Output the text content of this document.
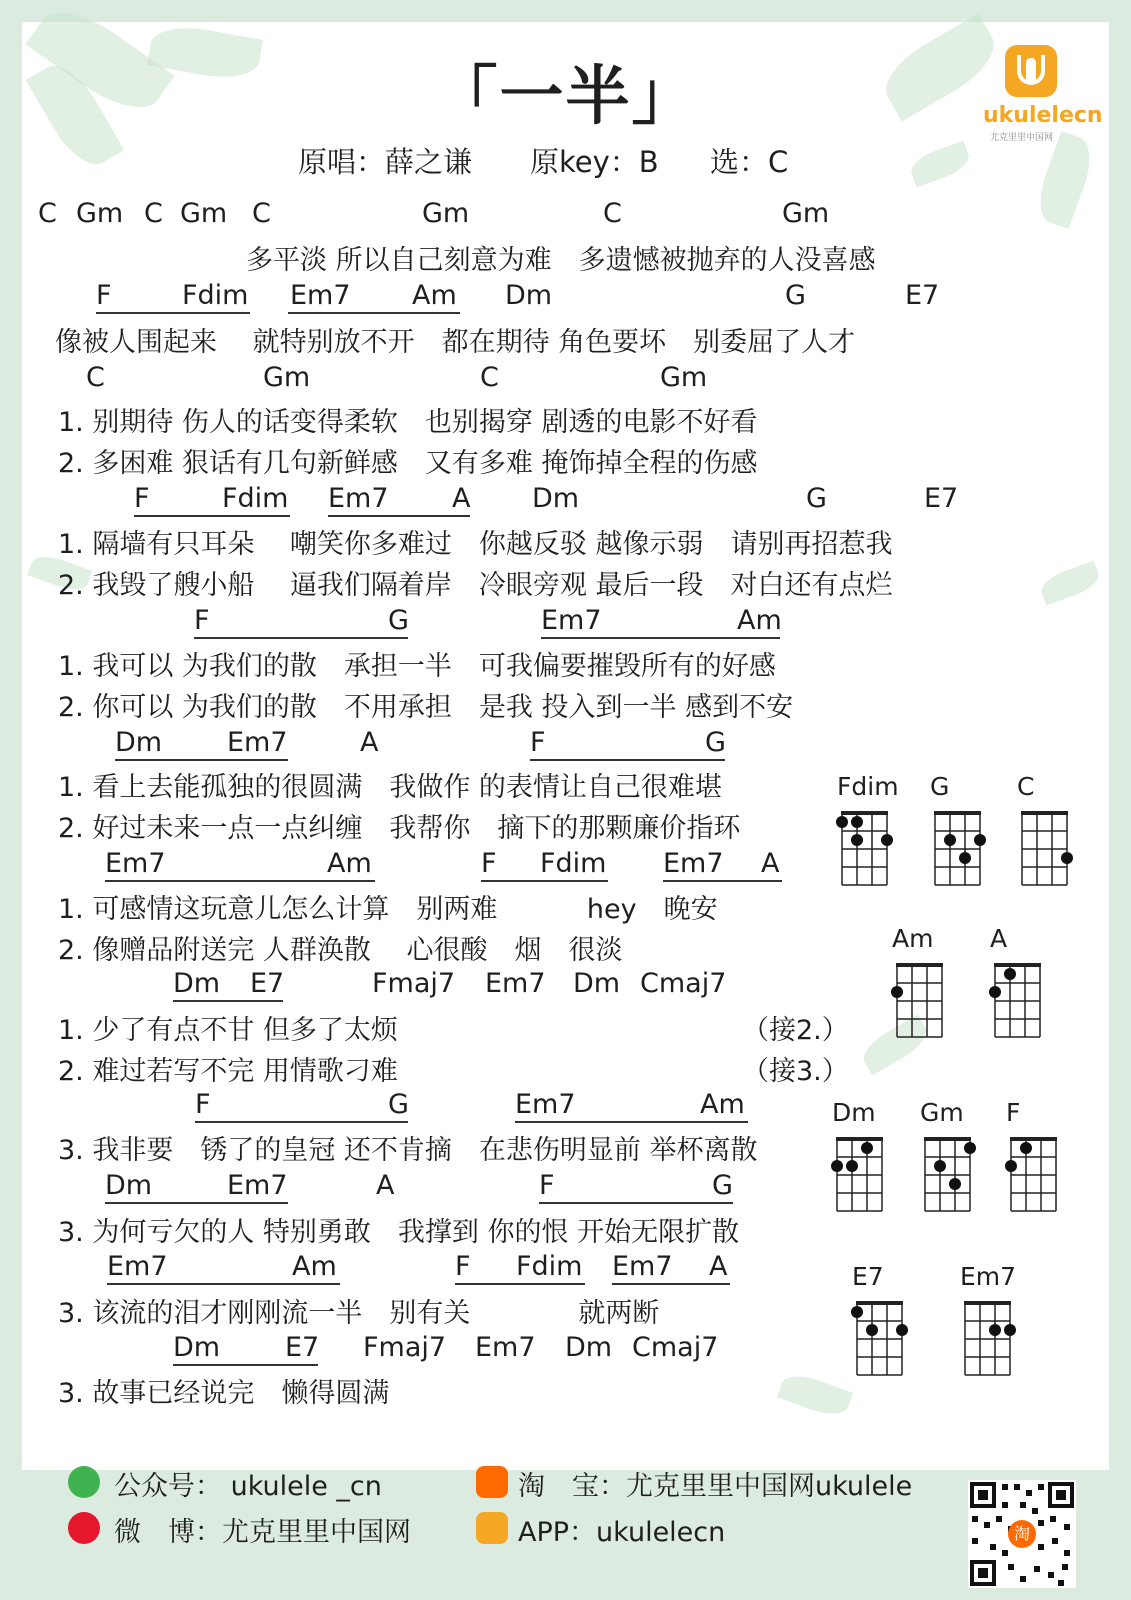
「一半」	ukulelecn
尤克里里中国网
原唱：薛之谦 原key：B 选：C
C Gm C Gm C	Gm	C	Gm
F	Fdim Em7 Am Dm	G	E7
C	Gm	C	Gm
F	Fdim Em7 A Dm	G	E7
F	G	Em7	Am
Dm Em7	A	F	G
Em7	Am	F Fdim Em7 A
Dm E7	Fmaj7 Em7 Dm Cmaj7
F	G	Em7	Am
Dm	Em7	A	F	G
Em7	Am	F Fdim Em7 A
Dm E7 Fmaj7 Em7 Dm Cmaj7
多平淡 所以自己刻意为难　多遗憾被抛弃的人没喜感
像被人围起来　 就特别放不开　都在期待 角色要坏　别委屈了人才
1. 别期待 伤人的话变得柔软　也别揭穿 剧透的电影不好看
2. 多困难 狠话有几句新鲜感　又有多难 掩饰掉全程的伤感
1. 隔墙有只耳朵　 嘲笑你多难过　你越反驳 越像示弱　请别再招惹我
2. 我毁了艘小船　 逼我们隔着岸　冷眼旁观 最后一段　对白还有点烂
1. 我可以 为我们的散　承担一半　可我偏要摧毁所有的好感
2. 你可以 为我们的散　不用承担　是我 投入到一半 感到不安
1. 看上去能孤独的很圆满　我做作 的表情让自己很难堪
2. 好过未来一点一点纠缠　我帮你　摘下的那颗廉价指环
1. 可感情这玩意儿怎么计算　别两难　　　 hey　晚安
2. 像赠品附送完 人群涣散　 心很酸　烟　很淡
1. 少了有点不甘 但多了太烦	（接2.）
2. 难过若写不完 用情歌刁难	（接3.）
3. 我非要　锈了的皇冠 还不肯摘　在悲伤明显前 举杯离散
3. 为何亏欠的人 特别勇敢　我撑到 你的恨 开始无限扩散
3. 该流的泪才刚刚流一半　别有关　　　　就两断
3. 故事已经说完　懒得圆满
Fdim	G	C
Am	A
Dm	Gm	F
E7	Em7
公众号： ukulele _cn
微　博：尤克里里中国网
淘　宝：尤克里里中国网ukulele
APP：ukulelecn	淘
